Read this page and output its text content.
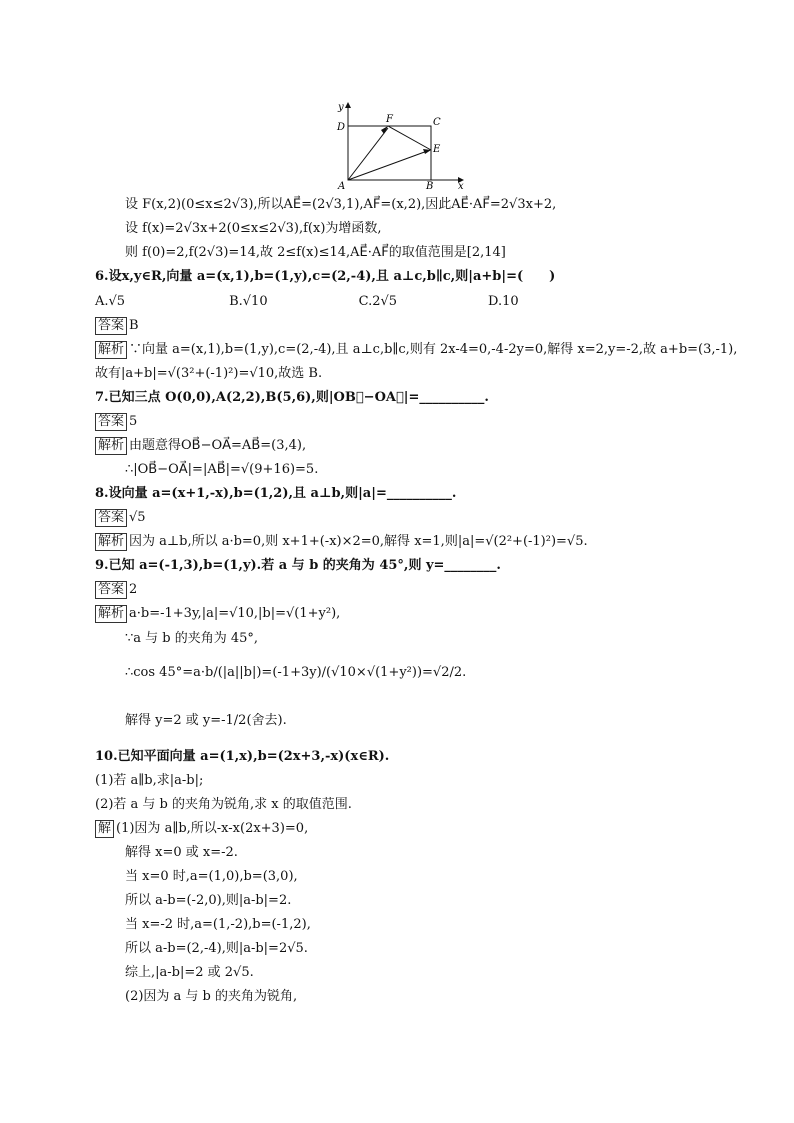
y
x
D	C
F
E
A	B
设 F(x,2)(0≤x≤2√3),所以AE⃗=(2√3,1),AF⃗=(x,2),因此AE⃗·AF⃗=2√3x+2,
设 f(x)=2√3x+2(0≤x≤2√3),f(x)为增函数,
则 f(0)=2,f(2√3)=14,故 2≤f(x)≤14,AE⃗·AF⃗的取值范围是[2,14]
6.设x,y∈R,向量 a=(x,1),b=(1,y),c=(2,-4),且 a⊥c,b∥c,则|a+b|=(　　)
A.√5　　　　　　　　B.√10　　　　　　　C.2√5　　　　　　　D.10
答案 B
解析 ∵向量 a=(x,1),b=(1,y),c=(2,-4),且 a⊥c,b∥c,则有 2x-4=0,-4-2y=0,解得 x=2,y=-2,故 a+b=(3,-1),
故有|a+b|=√(3²+(-1)²)=√10,故选 B.
7.已知三点 O(0,0),A(2,2),B(5,6),则|OB⃗−OA⃗|=__________.
答案 5
解析 由题意得OB⃗−OA⃗=AB⃗=(3,4),
∴|OB⃗−OA⃗|=|AB⃗|=√(9+16)=5.
8.设向量 a=(x+1,-x),b=(1,2),且 a⊥b,则|a|=__________.
答案 √5
解析 因为 a⊥b,所以 a·b=0,则 x+1+(-x)×2=0,解得 x=1,则|a|=√(2²+(-1)²)=√5.
9.已知 a=(-1,3),b=(1,y).若 a 与 b 的夹角为 45°,则 y=________.
答案 2
解析 a·b=-1+3y,|a|=√10,|b|=√(1+y²),
∵a 与 b 的夹角为 45°,
∴cos 45°=a·b/(|a||b|)=(-1+3y)/(√10×√(1+y²))=√2/2.
解得 y=2 或 y=-1/2(舍去).
10.已知平面向量 a=(1,x),b=(2x+3,-x)(x∈R).
(1)若 a∥b,求|a-b|;
(2)若 a 与 b 的夹角为锐角,求 x 的取值范围.
解 (1)因为 a∥b,所以-x-x(2x+3)=0,
解得 x=0 或 x=-2.
当 x=0 时,a=(1,0),b=(3,0),
所以 a-b=(-2,0),则|a-b|=2.
当 x=-2 时,a=(1,-2),b=(-1,2),
所以 a-b=(2,-4),则|a-b|=2√5.
综上,|a-b|=2 或 2√5.
(2)因为 a 与 b 的夹角为锐角,
